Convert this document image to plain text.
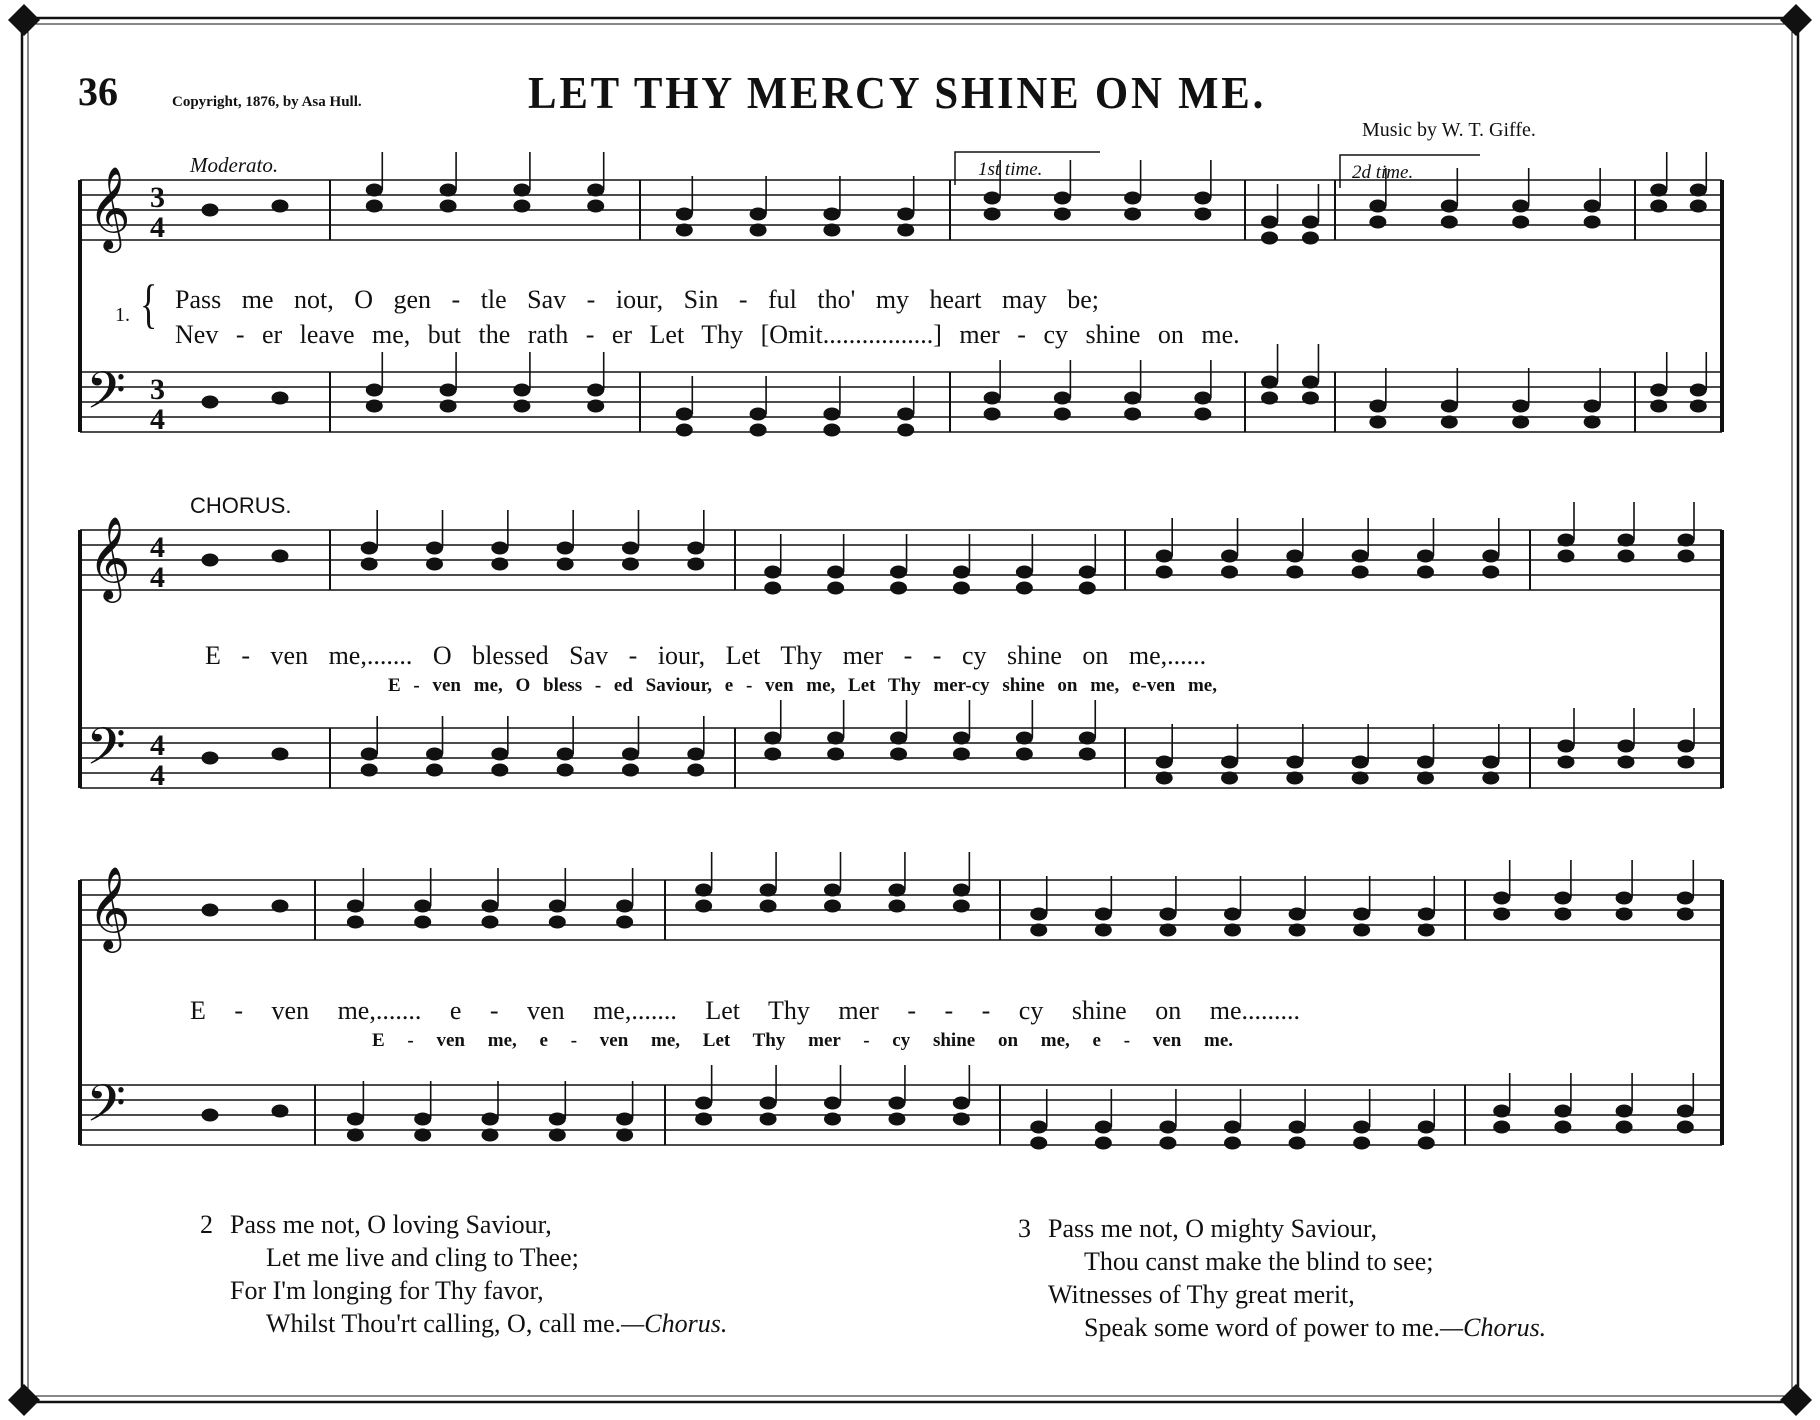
𝄞
𝄢
𝄞
𝄢
𝄞
𝄢
3
4
3
4
4
4
4
4
36	Copyright, 1876, by Asa Hull.	LET THY MERCY SHINE ON ME.
Music by W. T. Giffe.
Moderato.	1st time.	2d time.
CHORUS.
1. { Pass me not, O gen - tle Sav - iour, Sin - ful tho' my heart may be;
Nev - er leave me, but the rath - er Let Thy [Omit.................] mer - cy shine on me.
E - ven me,....... O blessed Sav - iour, Let Thy mer - - cy shine on me,......
E - ven me, O bless - ed Saviour, e - ven me, Let Thy mer-cy shine on me, e-ven me,
E - ven me,....... e - ven me,....... Let Thy mer - - - cy shine on me.........
E - ven me, e - ven me, Let Thy mer - cy shine on me, e - ven me.
2 Pass me not, O loving Saviour,
Let me live and cling to Thee;
For I'm longing for Thy favor,
Whilst Thou'rt calling, O, call me.—Chorus.
3 Pass me not, O mighty Saviour,
Thou canst make the blind to see;
Witnesses of Thy great merit,
Speak some word of power to me.—Chorus.
